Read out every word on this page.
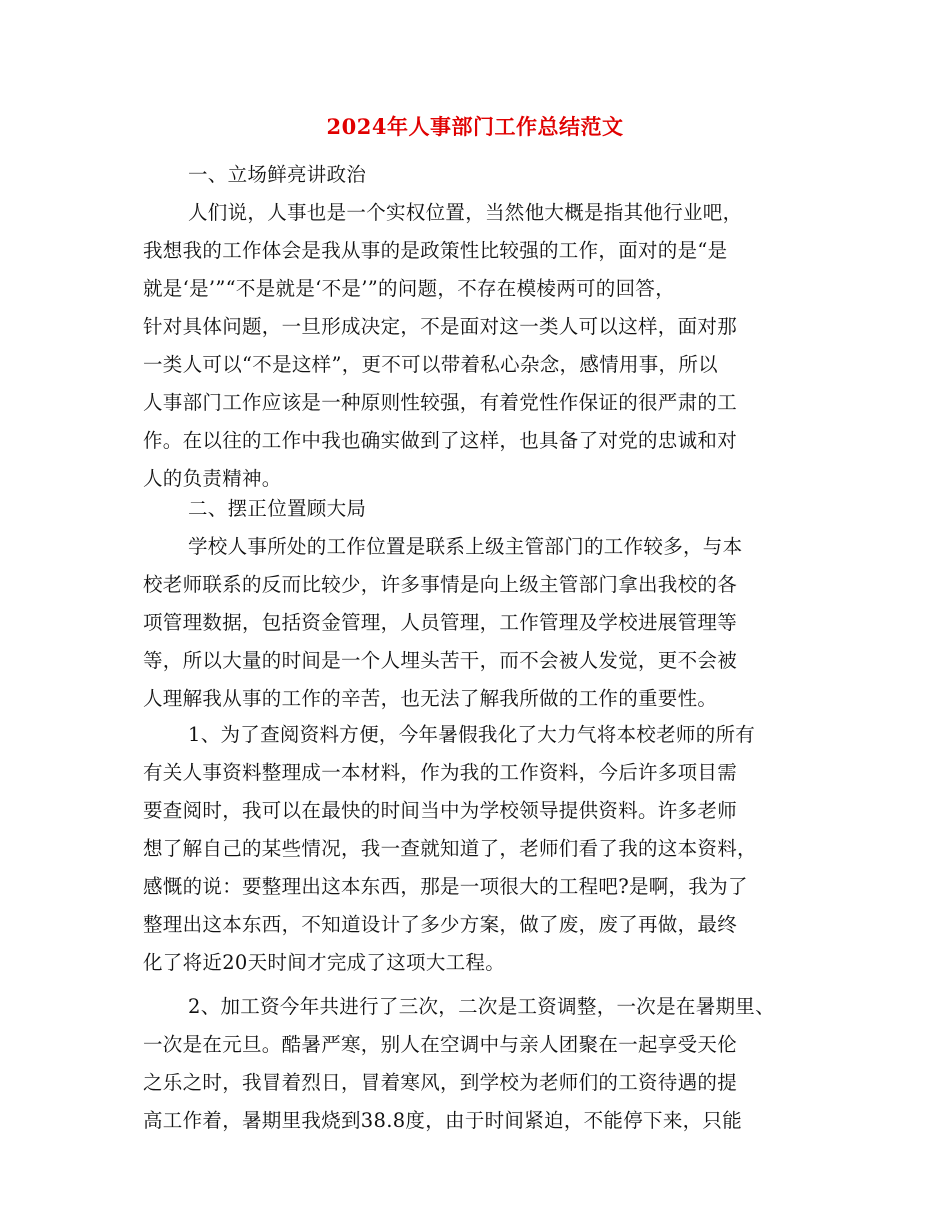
2024年人事部门工作总结范文
一、立场鲜亮讲政治
人们说，人事也是一个实权位置，当然他大概是指其他行业吧，
我想我的工作体会是我从事的是政策性比较强的工作，面对的是“是
就是‘是’”“不是就是‘不是’”的问题，不存在模棱两可的回答，
针对具体问题，一旦形成决定，不是面对这一类人可以这样，面对那
一类人可以“不是这样”，更不可以带着私心杂念，感情用事，所以
人事部门工作应该是一种原则性较强，有着党性作保证的很严肃的工
作。在以往的工作中我也确实做到了这样，也具备了对党的忠诚和对
人的负责精神。
二、摆正位置顾大局
学校人事所处的工作位置是联系上级主管部门的工作较多，与本
校老师联系的反而比较少，许多事情是向上级主管部门拿出我校的各
项管理数据，包括资金管理，人员管理，工作管理及学校进展管理等
等，所以大量的时间是一个人埋头苦干，而不会被人发觉，更不会被
人理解我从事的工作的辛苦，也无法了解我所做的工作的重要性。
1、为了查阅资料方便，今年暑假我化了大力气将本校老师的所有
有关人事资料整理成一本材料，作为我的工作资料，今后许多项目需
要查阅时，我可以在最快的时间当中为学校领导提供资料。许多老师
想了解自己的某些情况，我一查就知道了，老师们看了我的这本资料，
感慨的说：要整理出这本东西，那是一项很大的工程吧?是啊，我为了
整理出这本东西，不知道设计了多少方案，做了废，废了再做，最终
化了将近20天时间才完成了这项大工程。
2、加工资今年共进行了三次，二次是工资调整，一次是在暑期里、
一次是在元旦。酷暑严寒，别人在空调中与亲人团聚在一起享受天伦
之乐之时，我冒着烈日，冒着寒风，到学校为老师们的工资待遇的提
高工作着，暑期里我烧到38.8度，由于时间紧迫，不能停下来，只能
